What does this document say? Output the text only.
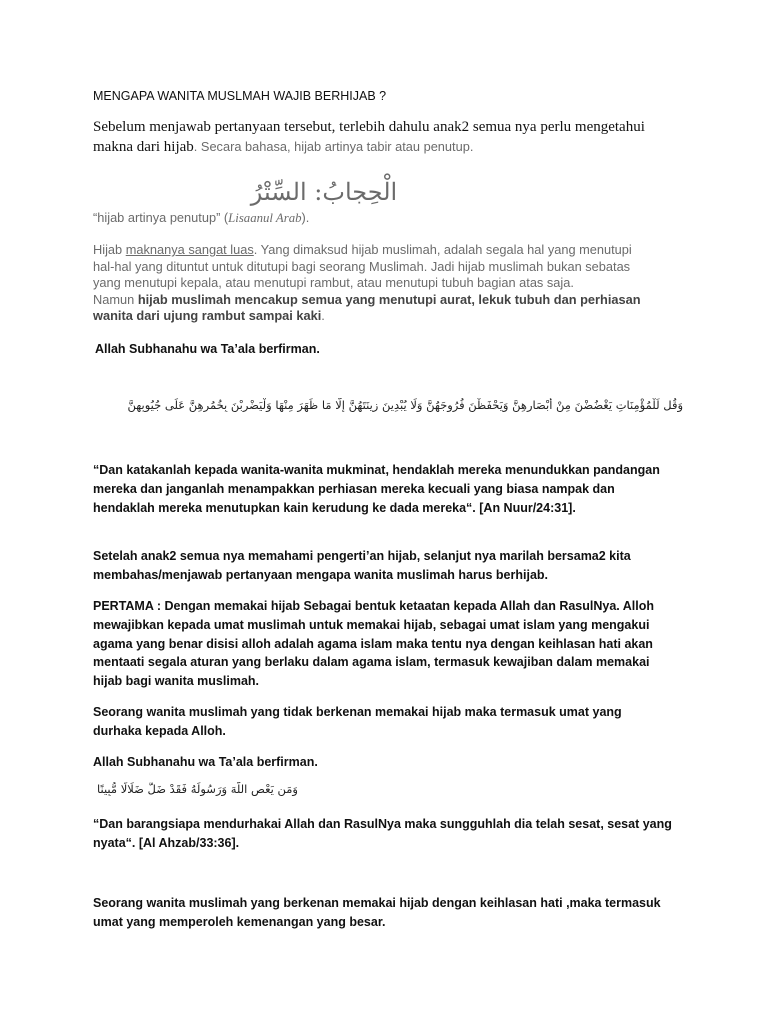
MENGAPA WANITA MUSLMAH WAJIB BERHIJAB ?

Sebelum menjawab pertanyaan tersebut, terlebih dahulu anak2 semua nya perlu mengetahui makna dari hijab. Secara bahasa, hijab artinya tabir atau penutup.

الْحِجابُ: السِّتْرُ

“hijab artinya penutup” (Lisaanul Arab).

Hijab maknanya sangat luas. Yang dimaksud hijab muslimah, adalah segala hal yang menutupi
hal-hal yang dituntut untuk ditutupi bagi seorang Muslimah. Jadi hijab muslimah bukan sebatas
yang menutupi kepala, atau menutupi rambut, atau menutupi tubuh bagian atas saja.
Namun hijab muslimah mencakup semua yang menutupi aurat, lekuk tubuh dan perhiasan
wanita dari ujung rambut sampai kaki.

Allah Subhanahu wa Ta’ala berfirman.

وَقُل لِّلْمُؤْمِنَاتِ يَغْضُضْنَ مِنْ أَبْصَارِهِنَّ وَيَحْفَظْنَ فُرُوجَهُنَّ وَلَا يُبْدِينَ زِينَتَهُنَّ إِلَّا مَا ظَهَرَ مِنْهَا وَلْيَضْرِبْنَ بِخُمُرِهِنَّ عَلَى جُيُوبِهِنَّ

“Dan katakanlah kepada wanita-wanita mukminat, hendaklah mereka menundukkan pandangan mereka dan janganlah menampakkan perhiasan mereka kecuali yang biasa nampak dan hendaklah mereka menutupkan kain kerudung ke dada mereka“. [An Nuur/24:31].

Setelah anak2 semua nya memahami pengerti’an hijab, selanjut nya marilah bersama2 kita membahas/menjawab pertanyaan mengapa wanita muslimah harus berhijab.

PERTAMA : Dengan memakai hijab Sebagai bentuk ketaatan kepada Allah dan RasulNya. Alloh mewajibkan kepada umat muslimah untuk memakai hijab, sebagai umat islam yang mengakui agama yang benar disisi alloh adalah agama islam maka tentu nya dengan keihlasan hati akan mentaati segala aturan yang berlaku dalam agama islam, termasuk kewajiban dalam memakai hijab bagi wanita muslimah.

Seorang wanita muslimah yang tidak berkenan memakai hijab maka termasuk umat yang durhaka kepada Alloh.

Allah Subhanahu wa Ta’ala berfirman.

وَمَن يَعْصِ اللَّهَ وَرَسُولَهُ فَقَدْ ضَلَّ ضَلَالًا مُّبِينًا

“Dan barangsiapa mendurhakai Allah dan RasulNya maka sungguhlah dia telah sesat, sesat yang nyata“. [Al Ahzab/33:36].

Seorang wanita muslimah yang berkenan memakai hijab dengan keihlasan hati ,maka termasuk umat yang memperoleh kemenangan yang besar.
